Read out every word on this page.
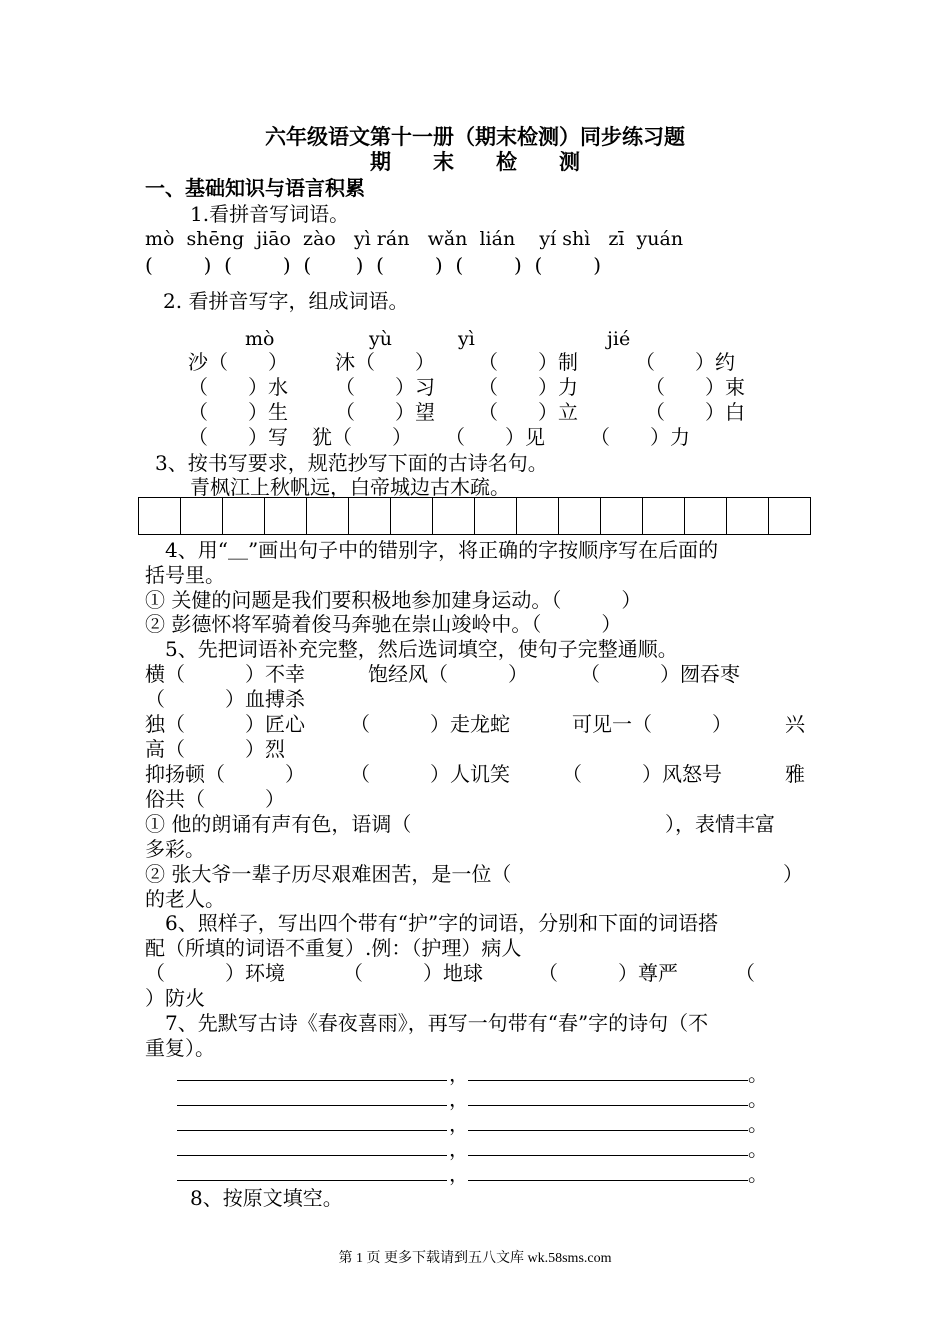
六年级语文第十一册（期末检测）同步练习题
期　　末　　检　　测
一、基础知识与语言积累
1.看拼音写词语。
mò  shēng  jiāo  zào   yì rán   wǎn  lián    yí shì   zī  yuán
(        )  (        )  (       )  (        )  (        )  (        )
2. 看拼音写字，组成词语。
mò	yù	yì	jié
沙（　　） 沐（　　） （　　）制	（　　）约
（　　）水 （　　）习 （　　）力	（　　）束
（　　）生 （　　）望 （　　）立	（　　）白
（　　）写 犹（　　） （　　）见 （　　）力
3、按书写要求，规范抄写下面的古诗名句。
青枫江上秋帆远，白帝城边古木疏。
4、用“＿”画出句子中的错别字，将正确的字按顺序写在后面的
括号里。
① 关健的问题是我们要积极地参加建身运动。（　　　）
② 彭德怀将军骑着俊马奔驰在崇山竣岭中。（　　　）
5、先把词语补充完整，然后选词填空，使句子完整通顺。
横（　　　）不幸	饱经风（　　　）	（　　　）囫吞枣
（　　　）血搏杀
独（　　　）匠心 （　　　）走龙蛇	可见一（　　　）	兴
高（　　　）烈
抑扬顿（　　　） （　　　）人讥笑	（　　　）风怒号	雅
俗共（　　　）
① 他的朗诵有声有色，语调（	），表情丰富
多彩。
② 张大爷一辈子历尽艰难困苦，是一位（	）
的老人。
6、照样子，写出四个带有“护”字的词语，分别和下面的词语搭
配（所填的词语不重复）.例：（护理）病人
（　　　）环境	（　　　）地球	（　　　）尊严	（
）防火
7、先默写古诗《春夜喜雨》，再写一句带有“春”字的诗句（不
重复）。
，	。
，	。
，	。
，	。
，	。
8、按原文填空。
第 1 页 更多下载请到五八文库 wk.58sms.com
